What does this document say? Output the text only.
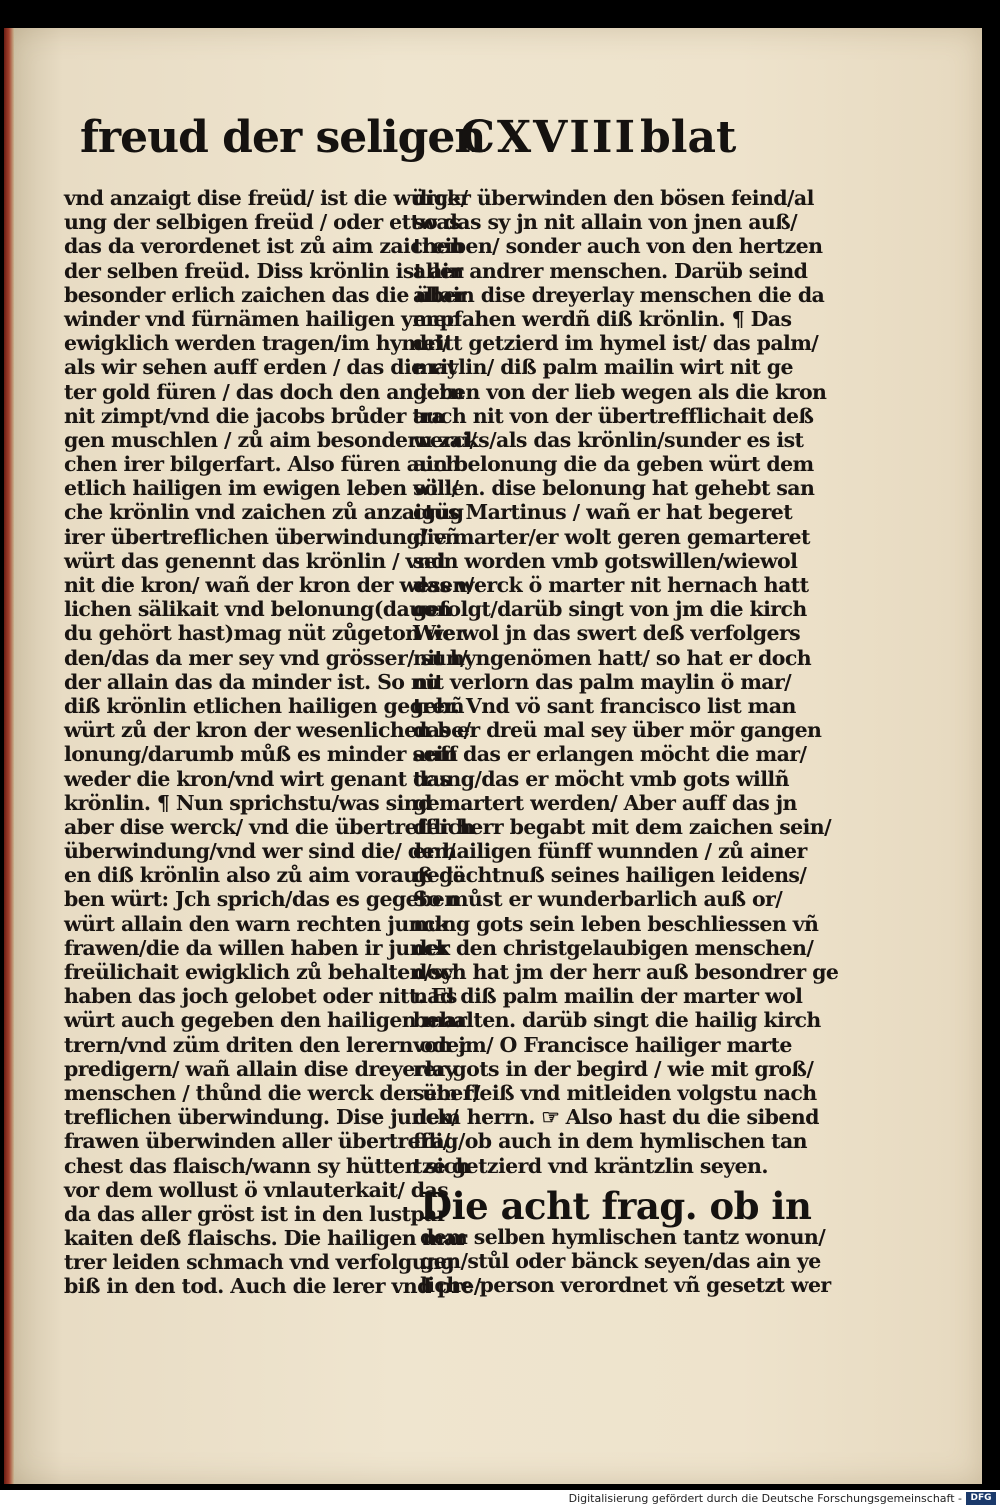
freud der seligen
CXVIII blat
vnd anzaigt dise freüd/ ist die würck/
ung der selbigen freüd / oder ettwas
das da verordenet ist zů aim zaichen
der selben freüd. Diss krönlin ist ain
besonder erlich zaichen das die über
winder vnd fürnämen hailigen ymer
ewigklich werden tragen/im hymel/
als wir sehen auff erden / das die rit
ter gold füren / das doch den andern
nit zimpt/vnd die jacobs brůder tra
gen muschlen / zů aim besondern zai/
chen irer bilgerfart. Also füren auch
etlich hailigen im ewigen leben söli/
che krönlin vnd zaichen zů anzaigüg
irer übertreflichen überwindung/ vñ
würt das genennt das krönlin / vnd
nit die kron/ wañ der kron der wesen/
lichen sälikait vnd belonung(dauon
du gehört hast)mag nüt zůgeton wer
den/das da mer sey vnd grösser/ sun/
der allain das da minder ist. So nu
diß krönlin etlichen hailigen gegebñ
würt zů der kron der wesenlichen be/
lonung/darumb můß es minder sein
weder die kron/vnd wirt genant das
krönlin. ¶ Nun sprichstu/was sind
aber dise werck/ vnd die übertrefflich
überwindung/vnd wer sind die/ den/
en diß krönlin also zů aim vorauß ge
ben würt: Jch sprich/das es gegeben
würt allain den warn rechten junck
frawen/die da willen haben ir junck
freülichait ewigklich zů behalten/sy
haben das joch gelobet oder nitt. Es
würt auch gegeben den hailigen mar
trern/vnd züm driten den lerern oder
predigern/ wañ allain dise dreyerlay
menschen / thůnd die werck der über/
treflichen überwindung. Dise junck/
frawen überwinden aller übertrefli/
chest das flaisch/wann sy hütten sich
vor dem wollust ö vnlauterkait/ das
da das aller gröst ist in den lustpar
kaiten deß flaischs. Die hailigen mar
trer leiden schmach vnd verfolgung
biß in den tod. Auch die lerer vnd pre/
diger überwinden den bösen feind/al
so das sy jn nit allain von jnen auß/
treiben/ sonder auch von den hertzen
aller andrer menschen. Darüb seind
allain dise dreyerlay menschen die da
enpfahen werdñ diß krönlin. ¶ Das
dritt getzierd im hymel ist/ das palm/
maylin/ diß palm mailin wirt nit ge
geben von der lieb wegen als die kron
auch nit von der übertrefflichait deß
wercks/als das krönlin/sunder es ist
ain belonung die da geben würt dem
willen. dise belonung hat gehebt san
ctus Martinus / wañ er hat begeret
die marter/er wolt geren gemarteret
sein worden vmb gotswillen/wiewol
das werck ö marter nit hernach hatt
gefolgt/darüb singt von jm die kirch
Wie wol jn das swert deß verfolgers
nit hyngenömen hatt/ so hat er doch
nit verlorn das palm maylin ö mar/
trer. Vnd vö sant francisco list man
das er dreü mal sey über mör gangen
auff das er erlangen möcht die mar/
trung/das er möcht vmb gots willñ
gemartert werden/ Aber auff das jn
der herr begabt mit dem zaichen sein/
er hailigen fünff wunnden / zů ainer
gedächtnuß seines hailigen leidens/
So můst er wunderbarlich auß or/
nung gots sein leben beschliessen vñ
der den christgelaubigen menschen/
doch hat jm der herr auß besondrer ge
nad diß palm mailin der marter wol
behalten. darüb singt die hailig kirch
von jm/ O Francisce hailiger marte
rer gots in der begird / wie mit groß/
sem fleiß vnd mitleiden volgstu nach
dem herrn. ☞ Also hast du die sibend
frag/ob auch in dem hymlischen tan
tze getzierd vnd kräntzlin seyen.
Die acht frag. ob in
dem selben hymlischen tantz wonun/
gen/stůl oder bänck seyen/das ain ye
liche person verordnet vñ gesetzt wer
Digitalisierung gefördert durch die Deutsche Forschungsgemeinschaft - DFG
